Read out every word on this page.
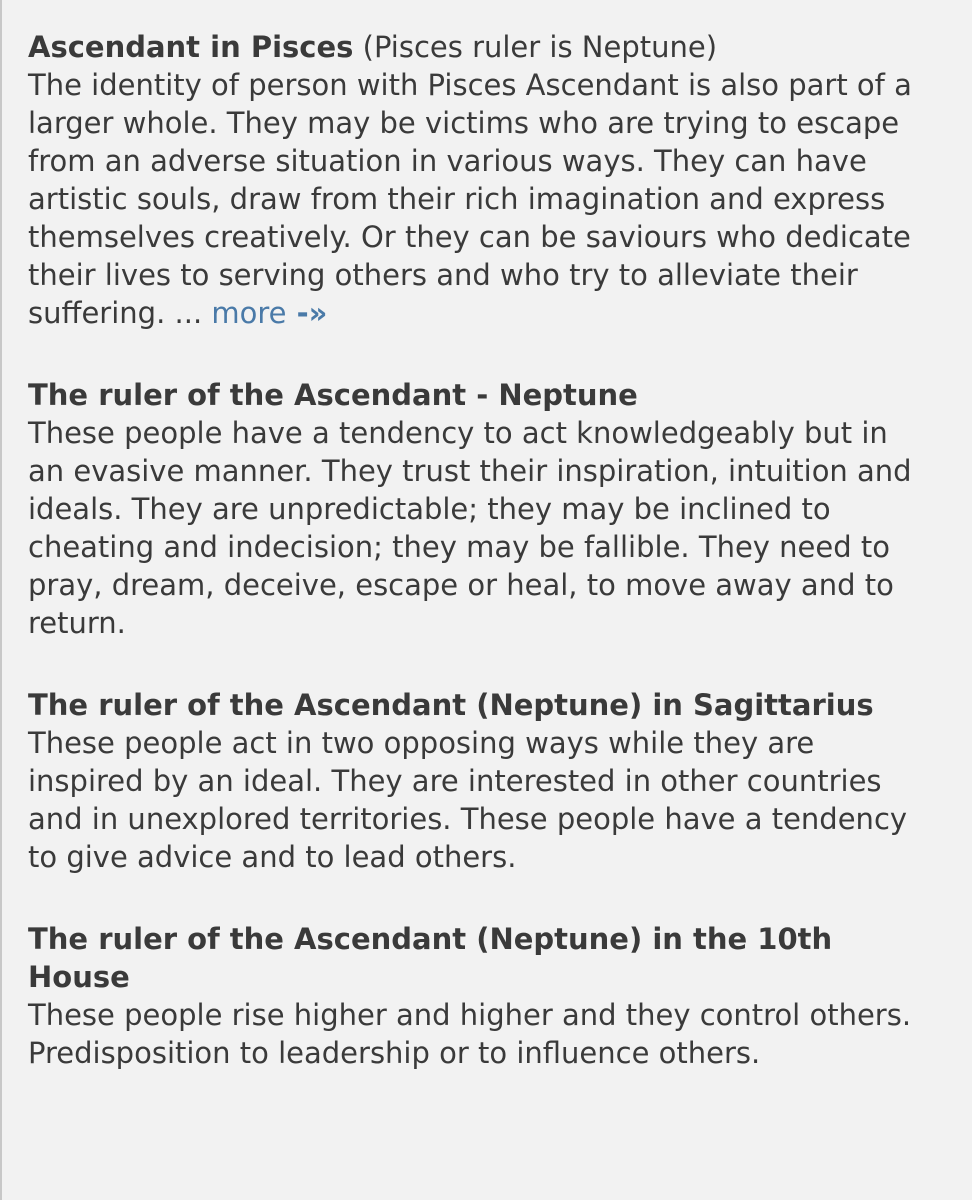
Ascendant in Pisces (Pisces ruler is Neptune)

The identity of person with Pisces Ascendant is also part of a larger whole. They may be victims who are trying to escape from an adverse situation in various ways. They can have artistic souls, draw from their rich imagination and express themselves creatively. Or they can be saviours who dedicate their lives to serving others and who try to alleviate their suffering. ... more -»

The ruler of the Ascendant - Neptune

These people have a tendency to act knowledgeably but in an evasive manner. They trust their inspiration, intuition and ideals. They are unpredictable; they may be inclined to cheating and indecision; they may be fallible. They need to pray, dream, deceive, escape or heal, to move away and to return.

The ruler of the Ascendant (Neptune) in Sagittarius

These people act in two opposing ways while they are inspired by an ideal. They are interested in other countries and in unexplored territories. These people have a tendency to give advice and to lead others.

The ruler of the Ascendant (Neptune) in the 10th House

These people rise higher and higher and they control others. Predisposition to leadership or to influence others.
